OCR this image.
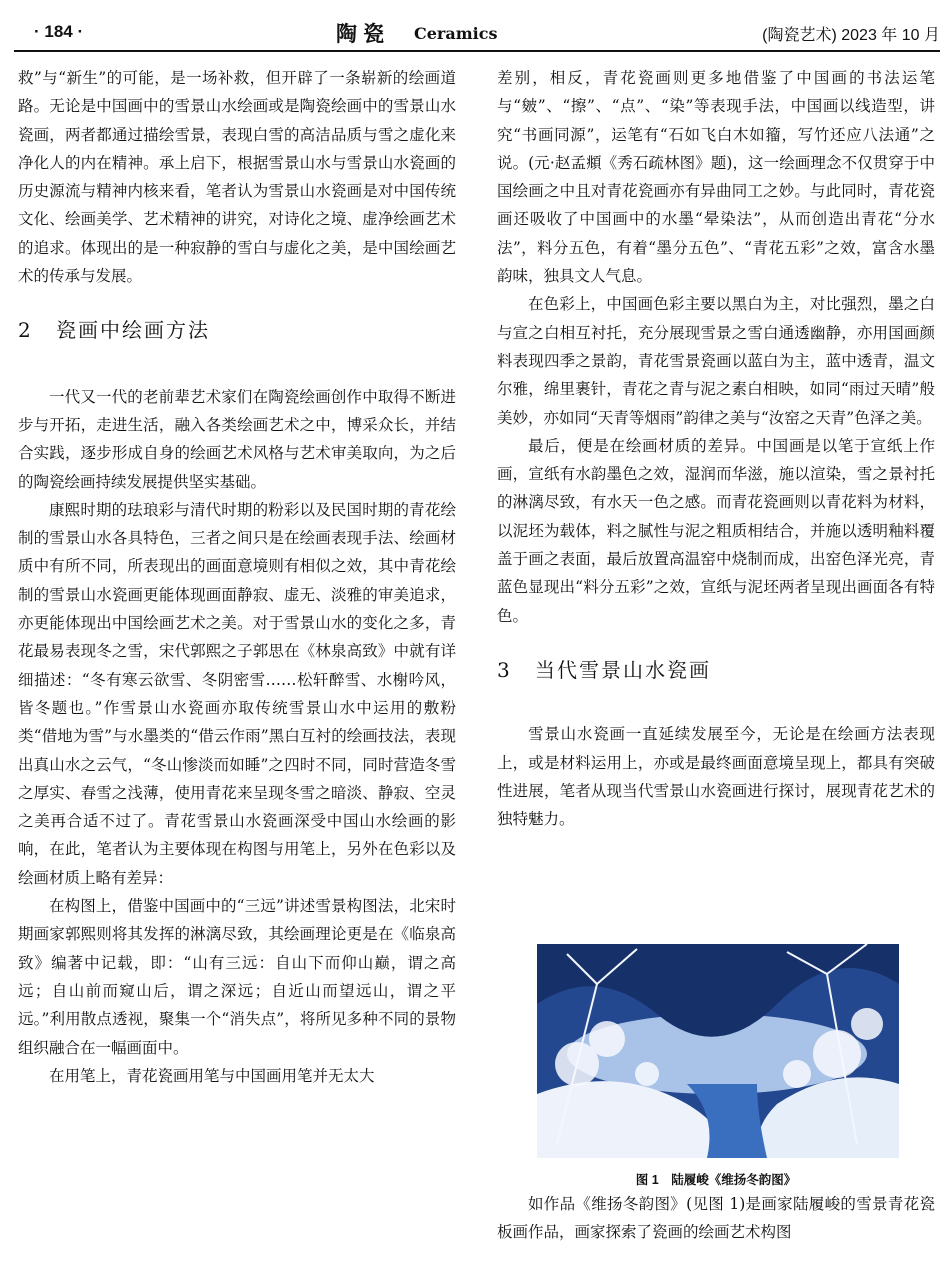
· 184 ·	陶瓷 Ceramics	(陶瓷艺术) 2023 年 10 月

救”与“新生”的可能，是一场补救，但开辟了一条崭新的绘画道路。无论是中国画中的雪景山水绘画或是陶瓷绘画中的雪景山水瓷画，两者都通过描绘雪景，表现白雪的高洁品质与雪之虚化来净化人的内在精神。承上启下，根据雪景山水与雪景山水瓷画的历史源流与精神内核来看，笔者认为雪景山水瓷画是对中国传统文化、绘画美学、艺术精神的讲究，对诗化之境、虚净绘画艺术的追求。体现出的是一种寂静的雪白与虚化之美，是中国绘画艺术的传承与发展。

2 瓷画中绘画方法

一代又一代的老前辈艺术家们在陶瓷绘画创作中取得不断进步与开拓，走进生活，融入各类绘画艺术之中，博采众长，并结合实践，逐步形成自身的绘画艺术风格与艺术审美取向，为之后的陶瓷绘画持续发展提供坚实基础。

康熙时期的珐琅彩与清代时期的粉彩以及民国时期的青花绘制的雪景山水各具特色，三者之间只是在绘画表现手法、绘画材质中有所不同，所表现出的画面意境则有相似之效，其中青花绘制的雪景山水瓷画更能体现画面静寂、虚无、淡雅的审美追求，亦更能体现出中国绘画艺术之美。对于雪景山水的变化之多，青花最易表现冬之雪，宋代郭熙之子郭思在《林泉高致》中就有详细描述：“冬有寒云欲雪、冬阴密雪……松轩醉雪、水榭吟风，皆冬题也。”作雪景山水瓷画亦取传统雪景山水中运用的敷粉类“借地为雪”与水墨类的“借云作雨”黑白互衬的绘画技法，表现出真山水之云气，“冬山惨淡而如睡”之四时不同，同时营造冬雪之厚实、春雪之浅薄，使用青花来呈现冬雪之暗淡、静寂、空灵之美再合适不过了。青花雪景山水瓷画深受中国山水绘画的影响，在此，笔者认为主要体现在构图与用笔上，另外在色彩以及绘画材质上略有差异：

在构图上，借鉴中国画中的“三远”讲述雪景构图法，北宋时期画家郭熙则将其发挥的淋漓尽致，其绘画理论更是在《临泉高致》编著中记载，即：“山有三远：自山下而仰山巅，谓之高远；自山前而窥山后，谓之深远；自近山而望远山，谓之平远。”利用散点透视，聚集一个“消失点”，将所见多种不同的景物组织融合在一幅画面中。

在用笔上，青花瓷画用笔与中国画用笔并无太大

差别，相反，青花瓷画则更多地借鉴了中国画的书法运笔与“皴”、“擦”、“点”、“染”等表现手法，中国画以线造型，讲究“书画同源”，运笔有“石如飞白木如籀，写竹还应八法通”之说。(元·赵孟頫《秀石疏林图》题)，这一绘画理念不仅贯穿于中国绘画之中且对青花瓷画亦有异曲同工之妙。与此同时，青花瓷画还吸收了中国画中的水墨“晕染法”，从而创造出青花“分水法”，料分五色，有着“墨分五色”、“青花五彩”之效，富含水墨韵味，独具文人气息。

在色彩上，中国画色彩主要以黑白为主，对比强烈，墨之白与宣之白相互衬托，充分展现雪景之雪白通透幽静，亦用国画颜料表现四季之景韵，青花雪景瓷画以蓝白为主，蓝中透青，温文尔雅，绵里裹针，青花之青与泥之素白相映，如同“雨过天晴”般美妙，亦如同“天青等烟雨”韵律之美与“汝窑之天青”色泽之美。

最后，便是在绘画材质的差异。中国画是以笔于宣纸上作画，宣纸有水韵墨色之效，湿润而华滋，施以渲染，雪之景衬托的淋漓尽致，有水天一色之感。而青花瓷画则以青花料为材料，以泥坯为载体，料之腻性与泥之粗质相结合，并施以透明釉料覆盖于画之表面，最后放置高温窑中烧制而成，出窑色泽光亮，青蓝色显现出“料分五彩”之效，宣纸与泥坯两者呈现出画面各有特色。

3 当代雪景山水瓷画

雪景山水瓷画一直延续发展至今，无论是在绘画方法表现上，或是材料运用上，亦或是最终画面意境呈现上，都具有突破性进展，笔者从现当代雪景山水瓷画进行探讨，展现青花艺术的独特魅力。

图 1　陆履峻《维扬冬韵图》

如作品《维扬冬韵图》(见图 1)是画家陆履峻的雪景青花瓷板画作品，画家探索了瓷画的绘画艺术构图
